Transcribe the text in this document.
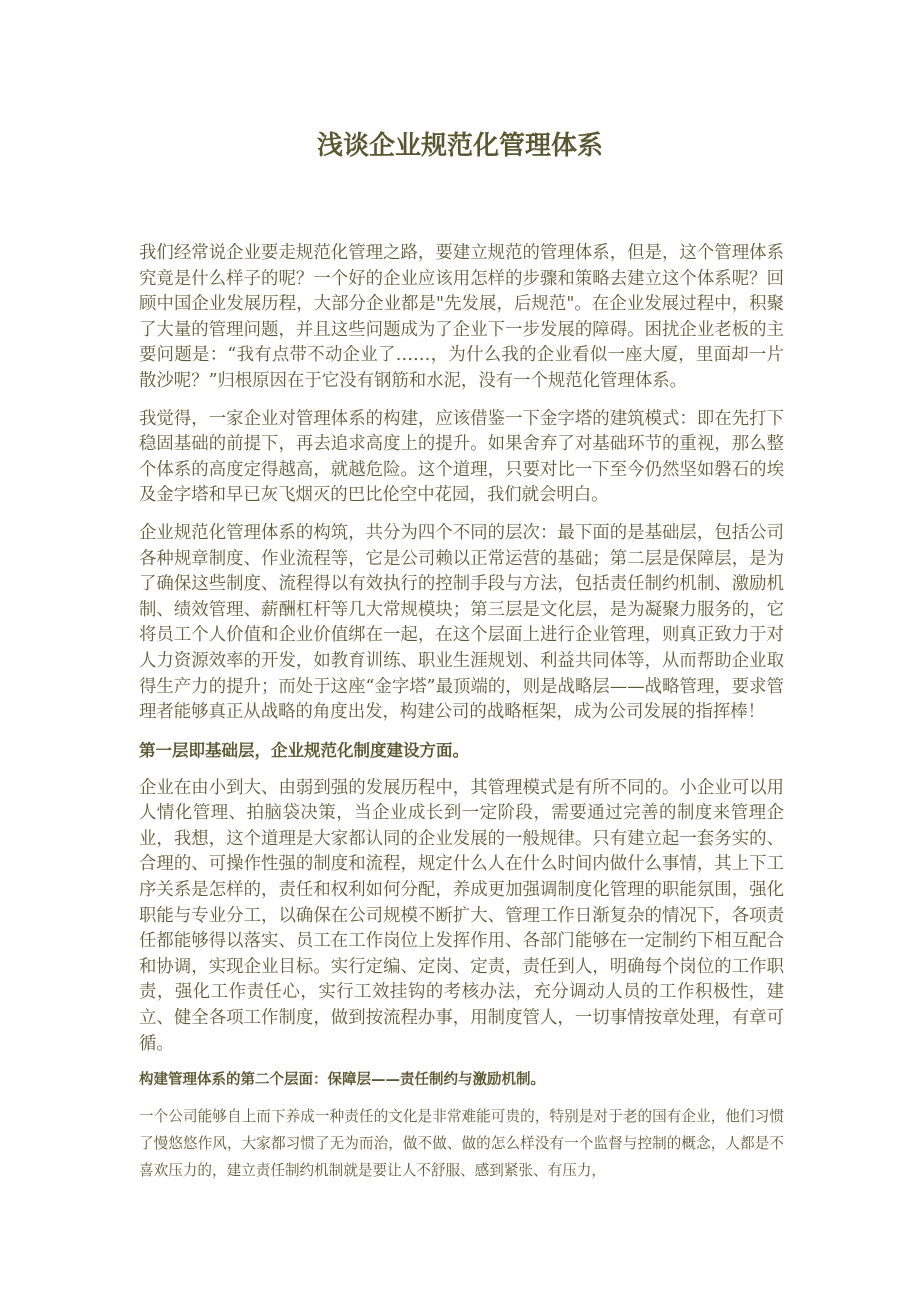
浅谈企业规范化管理体系

我们经常说企业要走规范化管理之路，要建立规范的管理体系，但是，这个管理体系究竟是什么样子的呢？一个好的企业应该用怎样的步骤和策略去建立这个体系呢？回顾中国企业发展历程，大部分企业都是"先发展，后规范"。在企业发展过程中，积聚了大量的管理问题，并且这些问题成为了企业下一步发展的障碍。困扰企业老板的主要问题是：“我有点带不动企业了……，为什么我的企业看似一座大厦，里面却一片散沙呢？”归根原因在于它没有钢筋和水泥，没有一个规范化管理体系。

我觉得，一家企业对管理体系的构建，应该借鉴一下金字塔的建筑模式：即在先打下稳固基础的前提下，再去追求高度上的提升。如果舍弃了对基础环节的重视，那么整个体系的高度定得越高，就越危险。这个道理，只要对比一下至今仍然坚如磐石的埃及金字塔和早已灰飞烟灭的巴比伦空中花园，我们就会明白。

企业规范化管理体系的构筑，共分为四个不同的层次：最下面的是基础层，包括公司各种规章制度、作业流程等，它是公司赖以正常运营的基础；第二层是保障层，是为了确保这些制度、流程得以有效执行的控制手段与方法，包括责任制约机制、激励机制、绩效管理、薪酬杠杆等几大常规模块；第三层是文化层，是为凝聚力服务的，它将员工个人价值和企业价值绑在一起，在这个层面上进行企业管理，则真正致力于对人力资源效率的开发，如教育训练、职业生涯规划、利益共同体等，从而帮助企业取得生产力的提升；而处于这座“金字塔”最顶端的，则是战略层——战略管理，要求管理者能够真正从战略的角度出发，构建公司的战略框架，成为公司发展的指挥棒！

第一层即基础层，企业规范化制度建设方面。

企业在由小到大、由弱到强的发展历程中，其管理模式是有所不同的。小企业可以用人情化管理、拍脑袋决策，当企业成长到一定阶段，需要通过完善的制度来管理企业，我想，这个道理是大家都认同的企业发展的一般规律。只有建立起一套务实的、合理的、可操作性强的制度和流程，规定什么人在什么时间内做什么事情，其上下工序关系是怎样的，责任和权利如何分配，养成更加强调制度化管理的职能氛围，强化职能与专业分工，以确保在公司规模不断扩大、管理工作日渐复杂的情况下，各项责任都能够得以落实、员工在工作岗位上发挥作用、各部门能够在一定制约下相互配合和协调，实现企业目标。实行定编、定岗、定责，责任到人，明确每个岗位的工作职责，强化工作责任心，实行工效挂钩的考核办法，充分调动人员的工作积极性，建立、健全各项工作制度，做到按流程办事，用制度管人，一切事情按章处理，有章可循。

构建管理体系的第二个层面：保障层——责任制约与激励机制。

一个公司能够自上而下养成一种责任的文化是非常难能可贵的，特别是对于老的国有企业，他们习惯了慢悠悠作风，大家都习惯了无为而治，做不做、做的怎么样没有一个监督与控制的概念，人都是不喜欢压力的，建立责任制约机制就是要让人不舒服、感到紧张、有压力，
